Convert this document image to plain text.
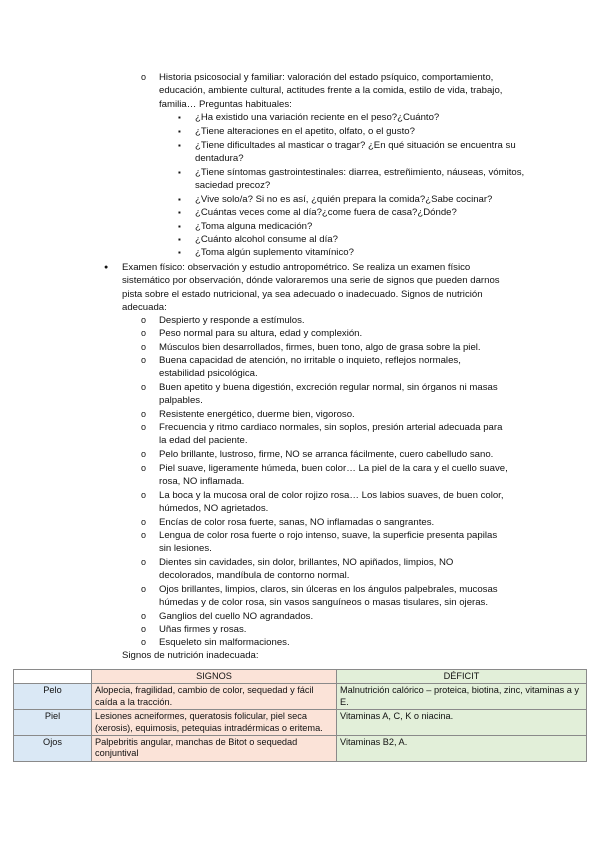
o Historia psicosocial y familiar: valoración del estado psíquico, comportamiento, educación, ambiente cultural, actitudes frente a la comida, estilo de vida, trabajo, familia… Preguntas habituales:
▪ ¿Ha existido una variación reciente en el peso?¿Cuánto?
▪ ¿Tiene alteraciones en el apetito, olfato, o el gusto?
▪ ¿Tiene dificultades al masticar o tragar? ¿En qué situación se encuentra su dentadura?
▪ ¿Tiene síntomas gastrointestinales: diarrea, estreñimiento, náuseas, vómitos, saciedad precoz?
▪ ¿Vive solo/a? Si no es así, ¿quién prepara la comida?¿Sabe cocinar?
▪ ¿Cuántas veces come al día?¿come fuera de casa?¿Dónde?
▪ ¿Toma alguna medicación?
▪ ¿Cuánto alcohol consume al día?
▪ ¿Toma algún suplemento vitamínico?
● Examen físico: observación y estudio antropométrico. Se realiza un examen físico sistemático por observación, dónde valoraremos una serie de signos que pueden darnos pista sobre el estado nutricional, ya sea adecuado o inadecuado. Signos de nutrición adecuada:
o Despierto y responde a estímulos.
o Peso normal para su altura, edad y complexión.
o Músculos bien desarrollados, firmes, buen tono, algo de grasa sobre la piel.
o Buena capacidad de atención, no irritable o inquieto, reflejos normales, estabilidad psicológica.
o Buen apetito y buena digestión, excreción regular normal, sin órganos ni masas palpables.
o Resistente energético, duerme bien, vigoroso.
o Frecuencia y ritmo cardiaco normales, sin soplos, presión arterial adecuada para la edad del paciente.
o Pelo brillante, lustroso, firme, NO se arranca fácilmente, cuero cabelludo sano.
o Piel suave, ligeramente húmeda, buen color… La piel de la cara y el cuello suave, rosa, NO inflamada.
o La boca y la mucosa oral de color rojizo rosa… Los labios suaves, de buen color, húmedos, NO agrietados.
o Encías de color rosa fuerte, sanas, NO inflamadas o sangrantes.
o Lengua de color rosa fuerte o rojo intenso, suave, la superficie presenta papilas sin lesiones.
o Dientes sin cavidades, sin dolor, brillantes, NO apiñados, limpios, NO decolorados, mandíbula de contorno normal.
o Ojos brillantes, limpios, claros, sin úlceras en los ángulos palpebrales, mucosas húmedas y de color rosa, sin vasos sanguíneos o masas tisulares, sin ojeras.
o Ganglios del cuello NO agrandados.
o Uñas firmes y rosas.
o Esqueleto sin malformaciones.
Signos de nutrición inadecuada:
	SIGNOS	DÉFICIT
Pelo	Alopecia, fragilidad, cambio de color, sequedad y fácil caída a la tracción.	Malnutrición calórico – proteica, biotina, zinc, vitaminas a y E.
Piel	Lesiones acneiformes, queratosis folicular, piel seca (xerosis), equimosis, petequias intradérmicas o eritema.	Vitaminas A, C, K o niacina.
Ojos	Palpebritis angular, manchas de Bitot o sequedad conjuntival	Vitaminas B2, A.
